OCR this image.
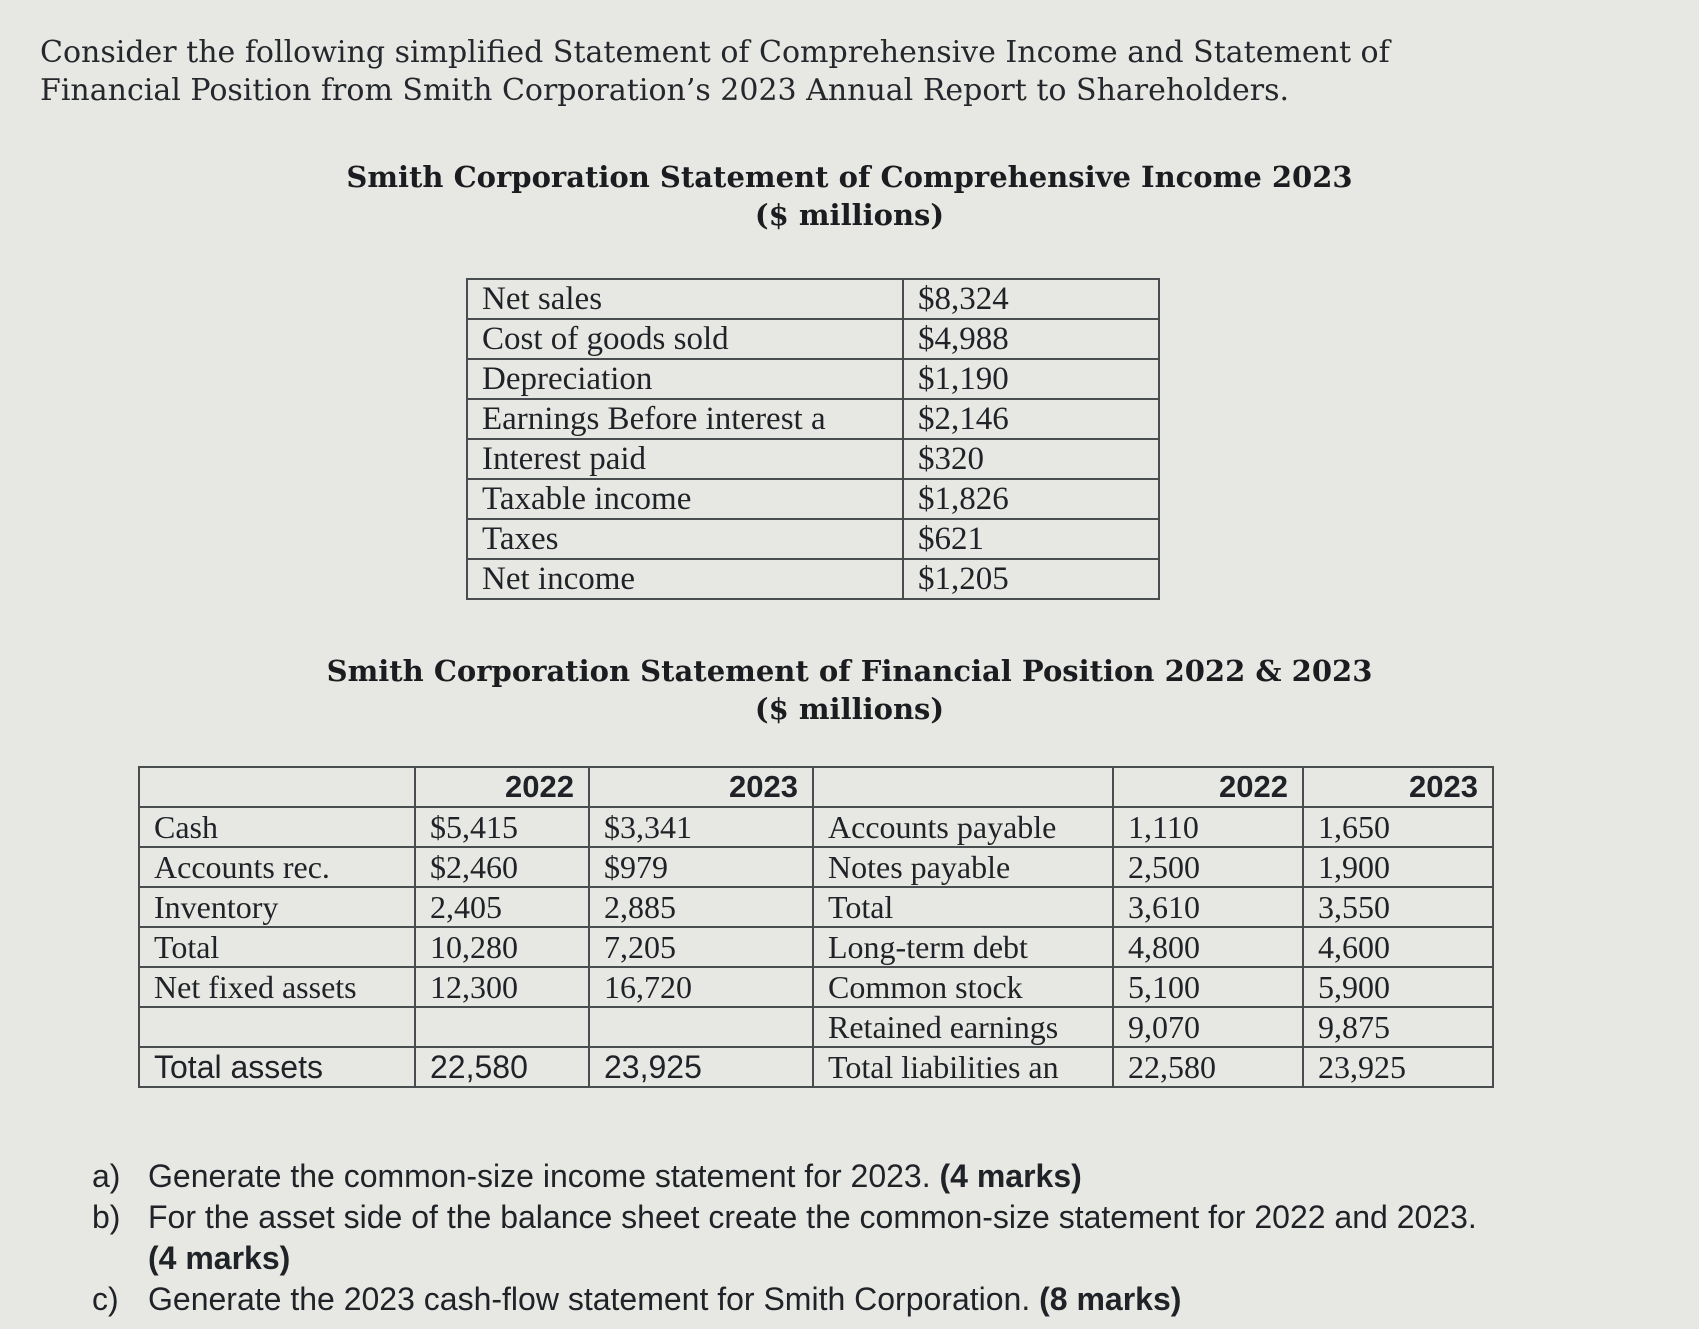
Consider the following simplified Statement of Comprehensive Income and Statement of
Financial Position from Smith Corporation’s 2023 Annual Report to Shareholders.
Smith Corporation Statement of Comprehensive Income 2023
($ millions)
Net sales	$8,324
Cost of goods sold	$4,988
Depreciation	$1,190
Earnings Before interest a	$2,146
Interest paid	$320
Taxable income	$1,826
Taxes	$621
Net income	$1,205
Smith Corporation Statement of Financial Position 2022 & 2023
($ millions)
	2022	2023		2022	2023
Cash	$5,415	$3,341	Accounts payable	1,110	1,650
Accounts rec.	$2,460	$979	Notes payable	2,500	1,900
Inventory	2,405	2,885	Total	3,610	3,550
Total	10,280	7,205	Long-term debt	4,800	4,600
Net fixed assets	12,300	16,720	Common stock	5,100	5,900
			Retained earnings	9,070	9,875
Total assets	22,580	23,925	Total liabilities an	22,580	23,925
a) Generate the common-size income statement for 2023. (4 marks)
b) For the asset side of the balance sheet create the common-size statement for 2022 and 2023.
(4 marks)
c) Generate the 2023 cash-flow statement for Smith Corporation. (8 marks)
